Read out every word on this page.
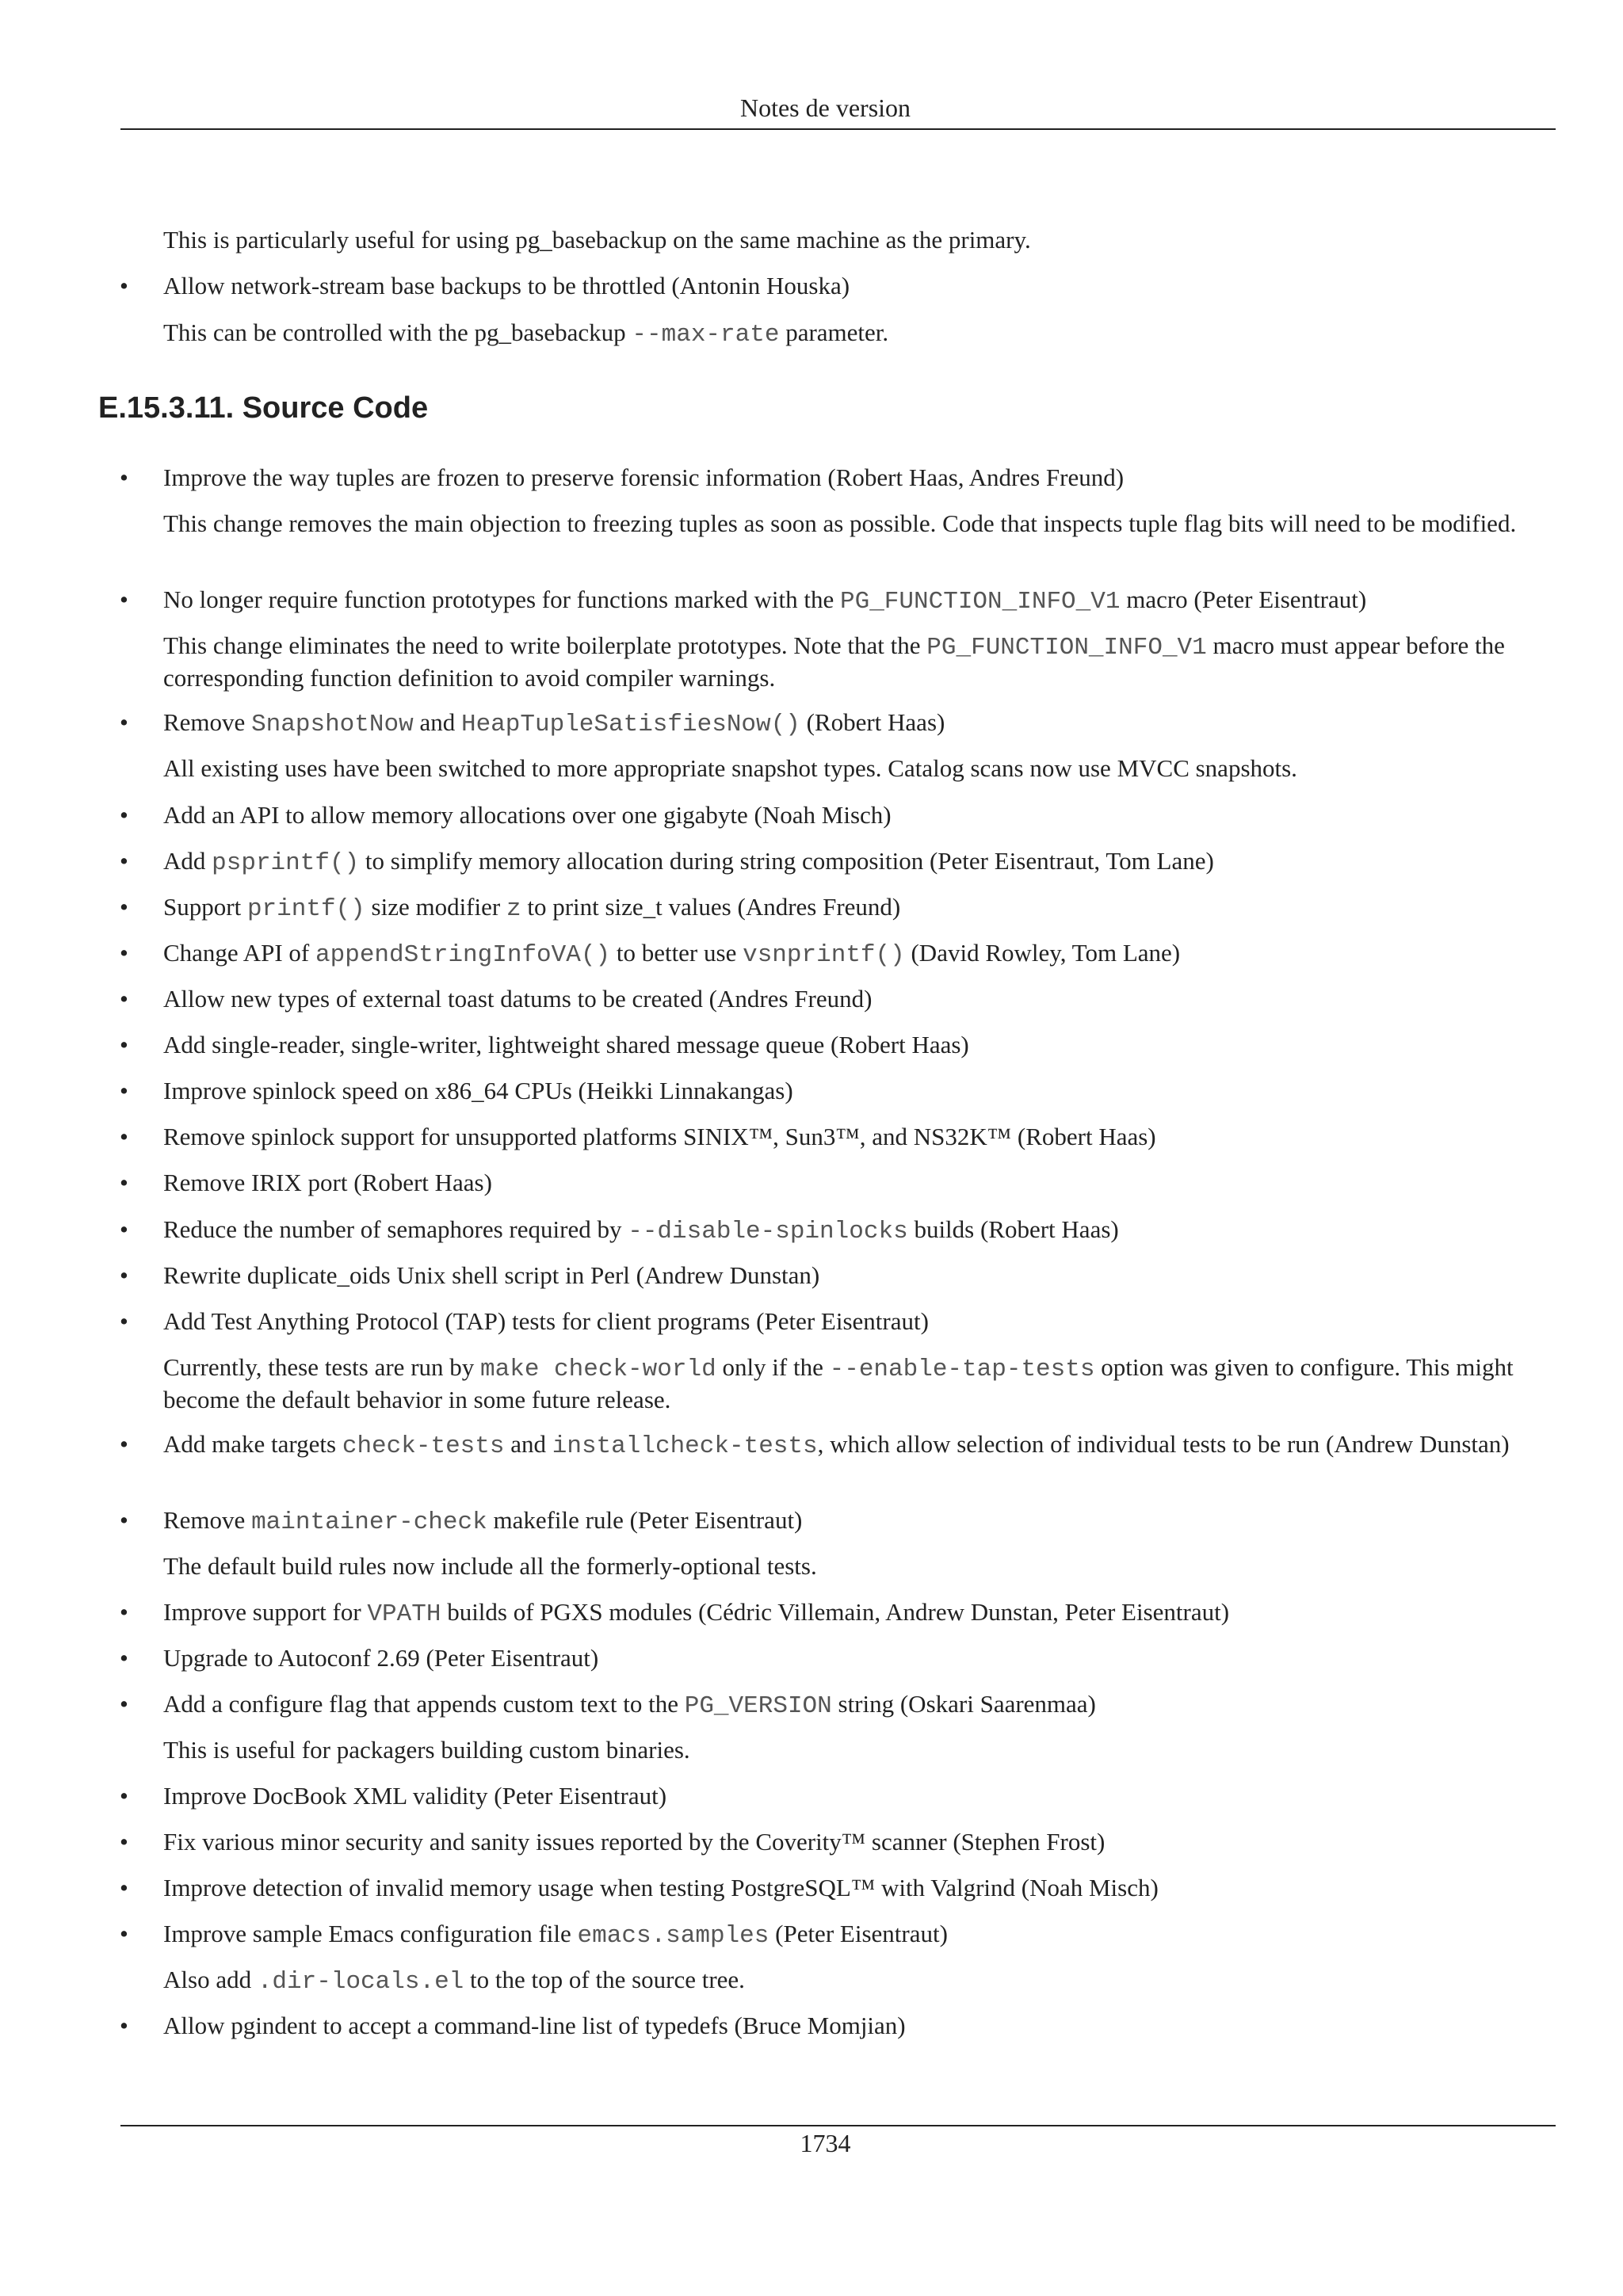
Notes de version
This is particularly useful for using pg_basebackup on the same machine as the primary.
• Allow network-stream base backups to be throttled (Antonin Houska)
This can be controlled with the pg_basebackup --max-rate parameter.
E.15.3.11. Source Code
• Improve the way tuples are frozen to preserve forensic information (Robert Haas, Andres Freund)
This change removes the main objection to freezing tuples as soon as possible. Code that inspects tuple flag bits will need to be modified.
• No longer require function prototypes for functions marked with the PG_FUNCTION_INFO_V1 macro (Peter Eisentraut)
This change eliminates the need to write boilerplate prototypes. Note that the PG_FUNCTION_INFO_V1 macro must appear before the corresponding function definition to avoid compiler warnings.
• Remove SnapshotNow and HeapTupleSatisfiesNow() (Robert Haas)
All existing uses have been switched to more appropriate snapshot types. Catalog scans now use MVCC snapshots.
• Add an API to allow memory allocations over one gigabyte (Noah Misch)
• Add psprintf() to simplify memory allocation during string composition (Peter Eisentraut, Tom Lane)
• Support printf() size modifier z to print size_t values (Andres Freund)
• Change API of appendStringInfoVA() to better use vsnprintf() (David Rowley, Tom Lane)
• Allow new types of external toast datums to be created (Andres Freund)
• Add single-reader, single-writer, lightweight shared message queue (Robert Haas)
• Improve spinlock speed on x86_64 CPUs (Heikki Linnakangas)
• Remove spinlock support for unsupported platforms SINIX™, Sun3™, and NS32K™ (Robert Haas)
• Remove IRIX port (Robert Haas)
• Reduce the number of semaphores required by --disable-spinlocks builds (Robert Haas)
• Rewrite duplicate_oids Unix shell script in Perl (Andrew Dunstan)
• Add Test Anything Protocol (TAP) tests for client programs (Peter Eisentraut)
Currently, these tests are run by make check-world only if the --enable-tap-tests option was given to configure. This might become the default behavior in some future release.
• Add make targets check-tests and installcheck-tests, which allow selection of individual tests to be run (Andrew Dunstan)
• Remove maintainer-check makefile rule (Peter Eisentraut)
The default build rules now include all the formerly-optional tests.
• Improve support for VPATH builds of PGXS modules (Cédric Villemain, Andrew Dunstan, Peter Eisentraut)
• Upgrade to Autoconf 2.69 (Peter Eisentraut)
• Add a configure flag that appends custom text to the PG_VERSION string (Oskari Saarenmaa)
This is useful for packagers building custom binaries.
• Improve DocBook XML validity (Peter Eisentraut)
• Fix various minor security and sanity issues reported by the Coverity™ scanner (Stephen Frost)
• Improve detection of invalid memory usage when testing PostgreSQL™ with Valgrind (Noah Misch)
• Improve sample Emacs configuration file emacs.samples (Peter Eisentraut)
Also add .dir-locals.el to the top of the source tree.
• Allow pgindent to accept a command-line list of typedefs (Bruce Momjian)
1734
